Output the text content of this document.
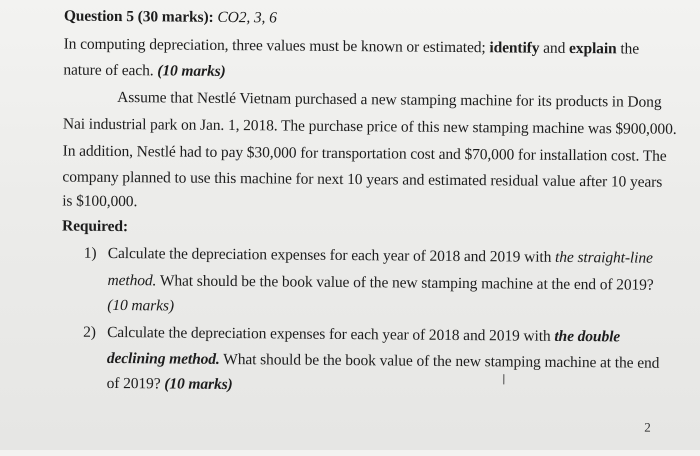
Question 5 (30 marks): CO2, 3, 6
In computing depreciation, three values must be known or estimated; identify and explain the
nature of each. (10 marks)
Assume that Nestlé Vietnam purchased a new stamping machine for its products in Dong
Nai industrial park on Jan. 1, 2018. The purchase price of this new stamping machine was $900,000.
In addition, Nestlé had to pay $30,000 for transportation cost and $70,000 for installation cost. The
company planned to use this machine for next 10 years and estimated residual value after 10 years
is $100,000.
Required:
1) Calculate the depreciation expenses for each year of 2018 and 2019 with the straight-line
method. What should be the book value of the new stamping machine at the end of 2019?
(10 marks)
2) Calculate the depreciation expenses for each year of 2018 and 2019 with the double
declining method. What should be the book value of the new stamping machine at the end
of 2019? (10 marks)	I
2
